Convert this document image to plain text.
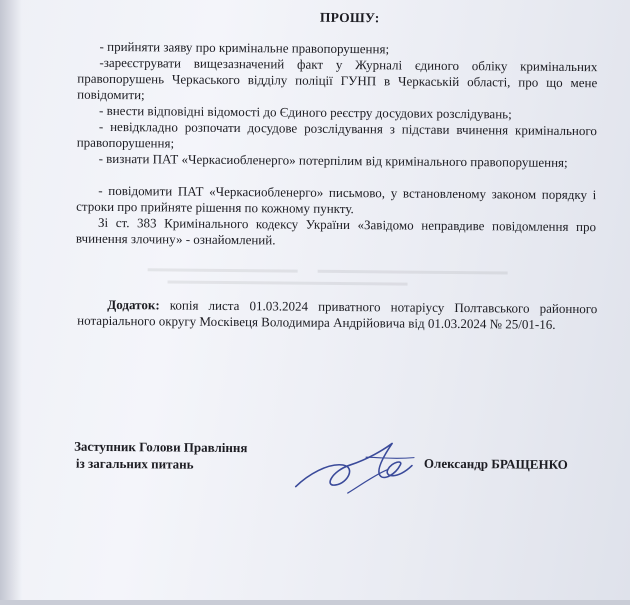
ПРОШУ:
- прийняти заяву про кримінальне правопорушення;
-зареєструвати вищезазначений факт у Журналі єдиного обліку кримінальних правопорушень Черкаського відділу поліції ГУНП в Черкаській області, про що мене повідомити;
- внести відповідні відомості до Єдиного реєстру досудових розслідувань;
- невідкладно розпочати досудове розслідування з підстави вчинення кримінального правопорушення;
- визнати ПАТ «Черкасиобленерго» потерпілим від кримінального правопорушення;
- повідомити ПАТ «Черкасиобленерго» письмово, у встановленому законом порядку і строки про прийняте рішення по кожному пункту.
Зі ст. 383 Кримінального кодексу України «Завідомо неправдиве повідомлення про вчинення злочину» - ознайомлений.
Додаток: копія листа 01.03.2024 приватного нотаріусу Полтавського районного нотаріального округу Москівеця Володимира Андрійовича від 01.03.2024 № 25/01-16.
Заступник Голови Правління
із загальних питань	Олександр БРАЩЕНКО
